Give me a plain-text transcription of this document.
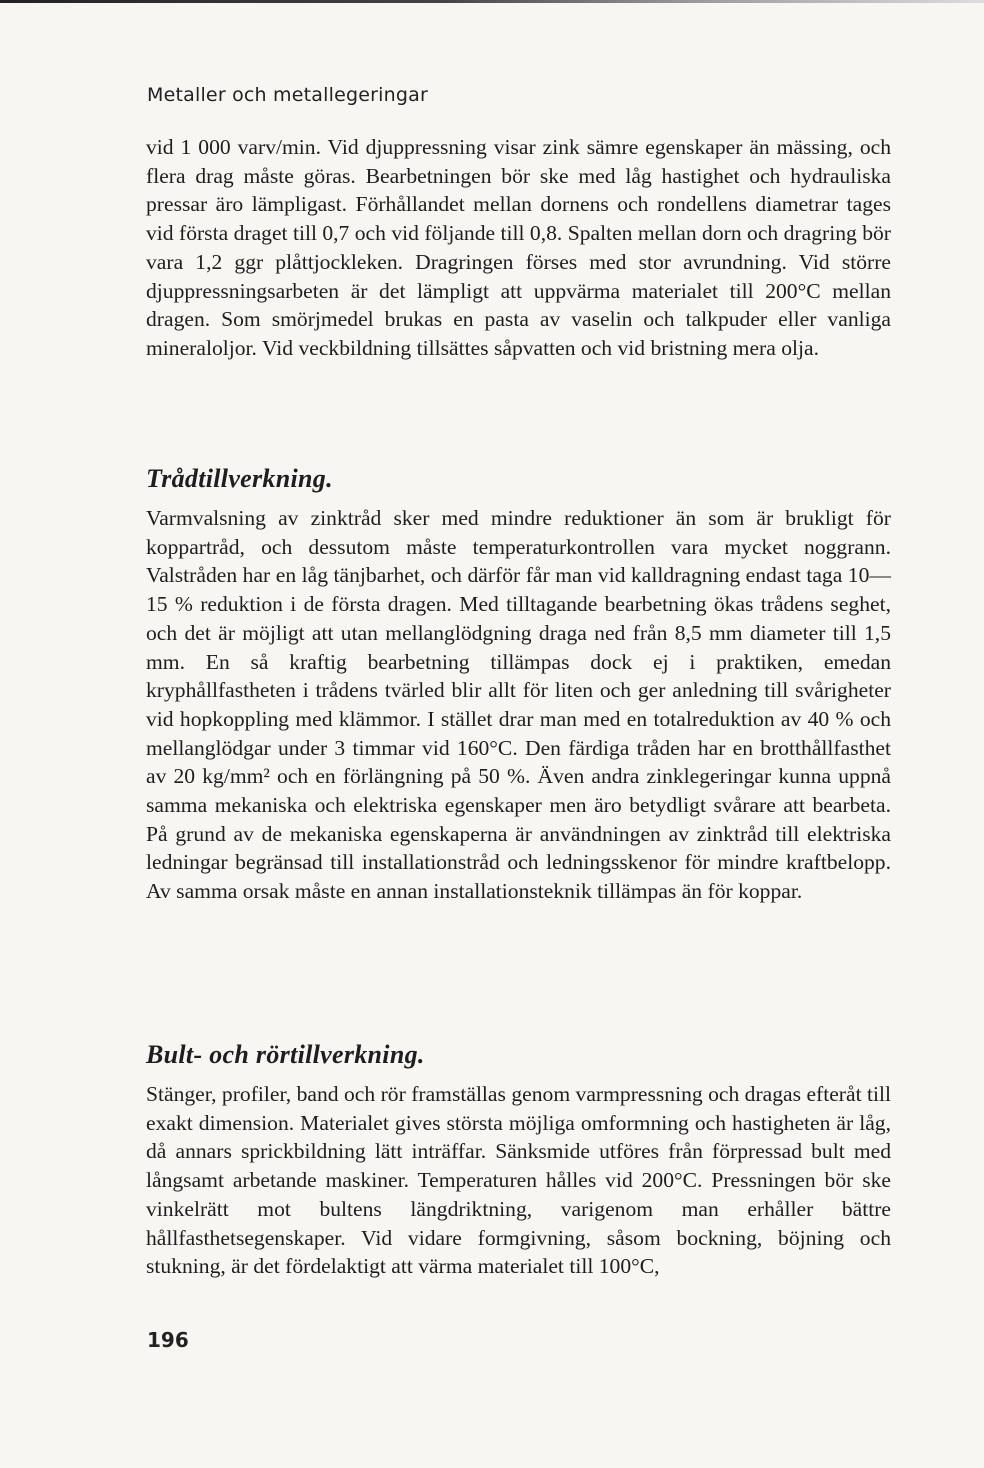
Metaller och metallegeringar

vid 1 000 varv/min. Vid djuppressning visar zink sämre egenskaper än mässing, och flera drag måste göras. Bearbetningen bör ske med låg hastighet och hydrauliska pressar äro lämpligast. Förhållandet mellan dornens och rondellens diametrar tages vid första draget till 0,7 och vid följande till 0,8. Spalten mellan dorn och dragring bör vara 1,2 ggr plåttjockleken. Dragringen förses med stor avrundning. Vid större djuppressningsarbeten är det lämpligt att uppvärma materialet till 200°C mellan dragen. Som smörjmedel brukas en pasta av vaselin och talkpuder eller vanliga mineraloljor. Vid veckbildning tillsättes såpvatten och vid bristning mera olja.

Trådtillverkning.

Varmvalsning av zinktråd sker med mindre reduktioner än som är brukligt för koppartråd, och dessutom måste temperaturkontrollen vara mycket noggrann. Valstråden har en låg tänjbarhet, och därför får man vid kalldragning endast taga 10—15 % reduktion i de första dragen. Med tilltagande bearbetning ökas trådens seghet, och det är möjligt att utan mellanglödgning draga ned från 8,5 mm diameter till 1,5 mm. En så kraftig bearbetning tillämpas dock ej i praktiken, emedan kryphållfastheten i trådens tvärled blir allt för liten och ger anledning till svårigheter vid hopkoppling med klämmor. I stället drar man med en totalreduktion av 40 % och mellanglödgar under 3 timmar vid 160°C. Den färdiga tråden har en brotthållfasthet av 20 kg/mm² och en förlängning på 50 %. Även andra zinklegeringar kunna uppnå samma mekaniska och elektriska egenskaper men äro betydligt svårare att bearbeta. På grund av de mekaniska egenskaperna är användningen av zinktråd till elektriska ledningar begränsad till installationstråd och ledningsskenor för mindre kraftbelopp. Av samma orsak måste en annan installationsteknik tillämpas än för koppar.

Bult- och rörtillverkning.

Stänger, profiler, band och rör framställas genom varmpressning och dragas efteråt till exakt dimension. Materialet gives största möjliga omformning och hastigheten är låg, då annars sprickbildning lätt inträffar. Sänksmide utföres från förpressad bult med långsamt arbetande maskiner. Temperaturen hålles vid 200°C. Pressningen bör ske vinkelrätt mot bultens längdriktning, varigenom man erhåller bättre hållfasthetsegenskaper. Vid vidare formgivning, såsom bockning, böjning och stukning, är det fördelaktigt att värma materialet till 100°C,

196
